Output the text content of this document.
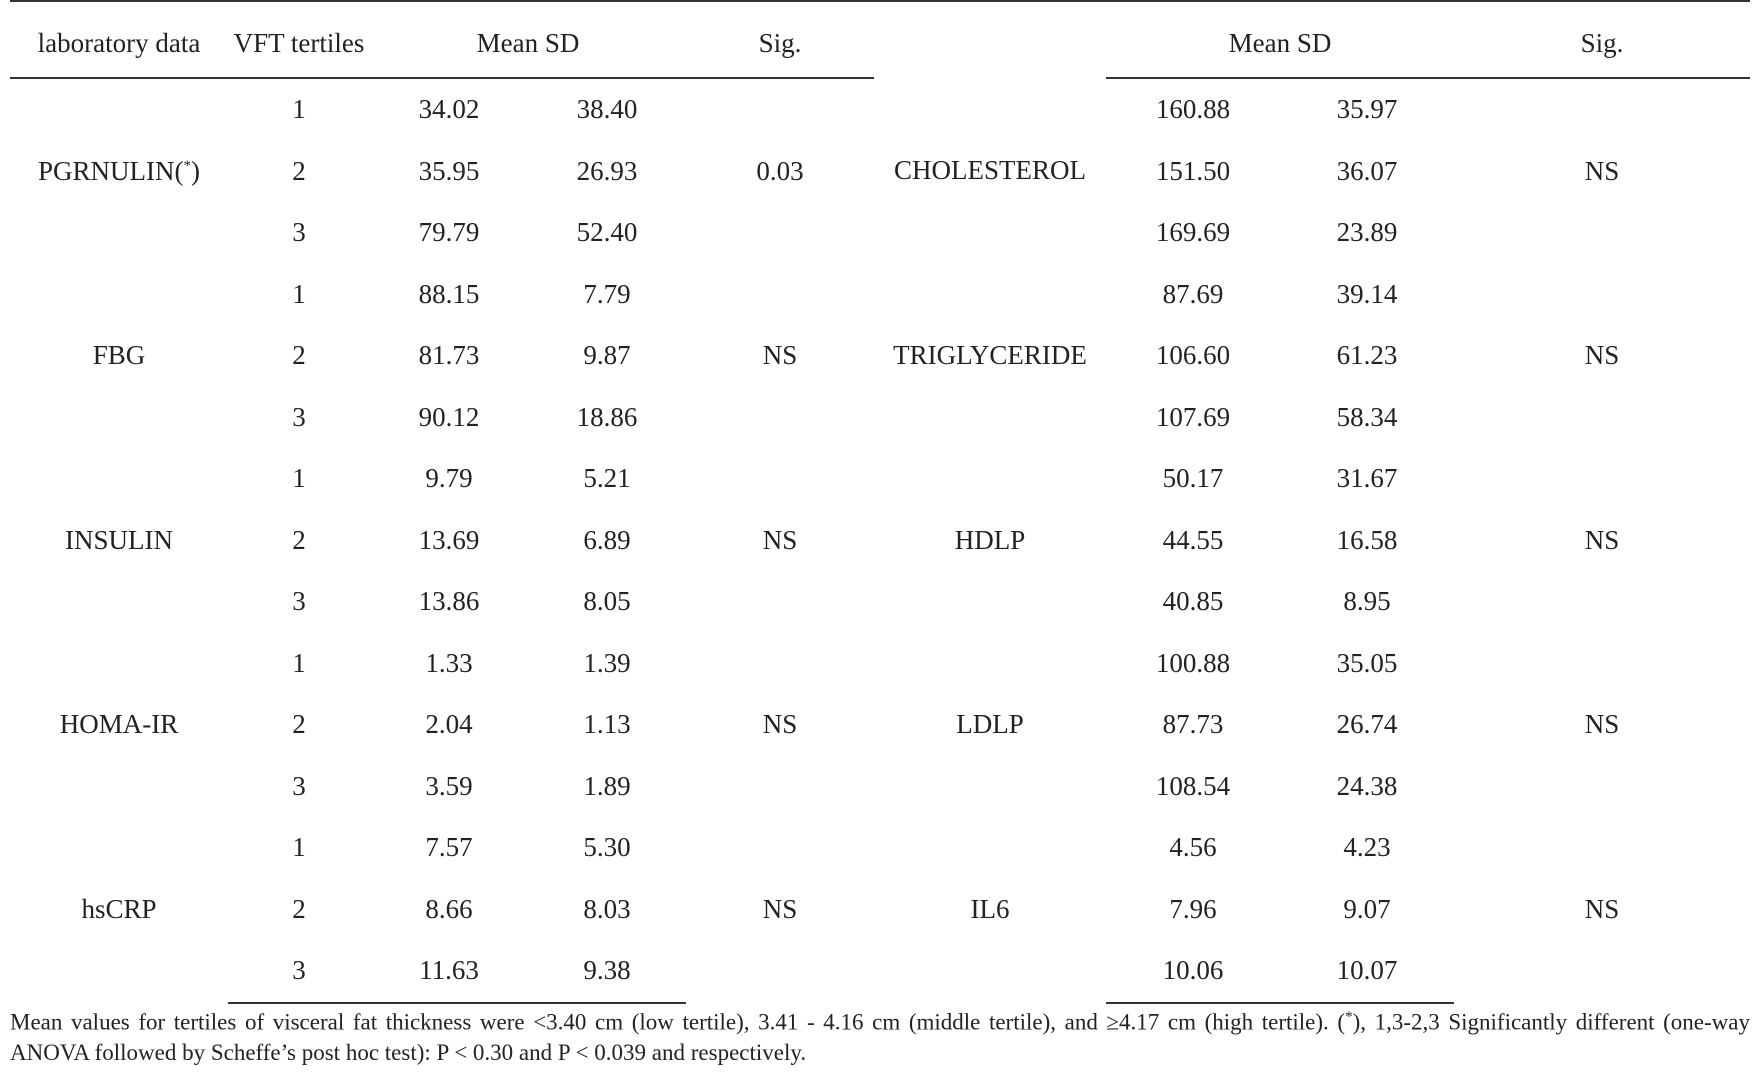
laboratory data	VFT tertiles	Mean SD		Sig.		Mean SD		Sig.
PGRNULIN(*)	1	34.02	38.40	0.03	CHOLESTEROL	160.88	35.97	NS
	2	35.95	26.93			151.50	36.07	
	3	79.79	52.40			169.69	23.89	
FBG	1	88.15	7.79	NS	TRIGLYCERIDE	87.69	39.14	NS
	2	81.73	9.87			106.60	61.23	
	3	90.12	18.86			107.69	58.34	
INSULIN	1	9.79	5.21	NS	HDLP	50.17	31.67	NS
	2	13.69	6.89			44.55	16.58	
	3	13.86	8.05			40.85	8.95	
HOMA-IR	1	1.33	1.39	NS	LDLP	100.88	35.05	NS
	2	2.04	1.13			87.73	26.74	
	3	3.59	1.89			108.54	24.38	
hsCRP	1	7.57	5.30	NS	IL6	4.56	4.23	NS
	2	8.66	8.03			7.96	9.07	
	3	11.63	9.38			10.06	10.07	
Mean values for tertiles of visceral fat thickness were <3.40 cm (low tertile), 3.41 - 4.16 cm (middle tertile), and ≥4.17 cm (high tertile). (*), 1,3-2,3 Significantly different (one-way ANOVA followed by Scheffe’s post hoc test): P < 0.30 and P < 0.039 and respectively.
